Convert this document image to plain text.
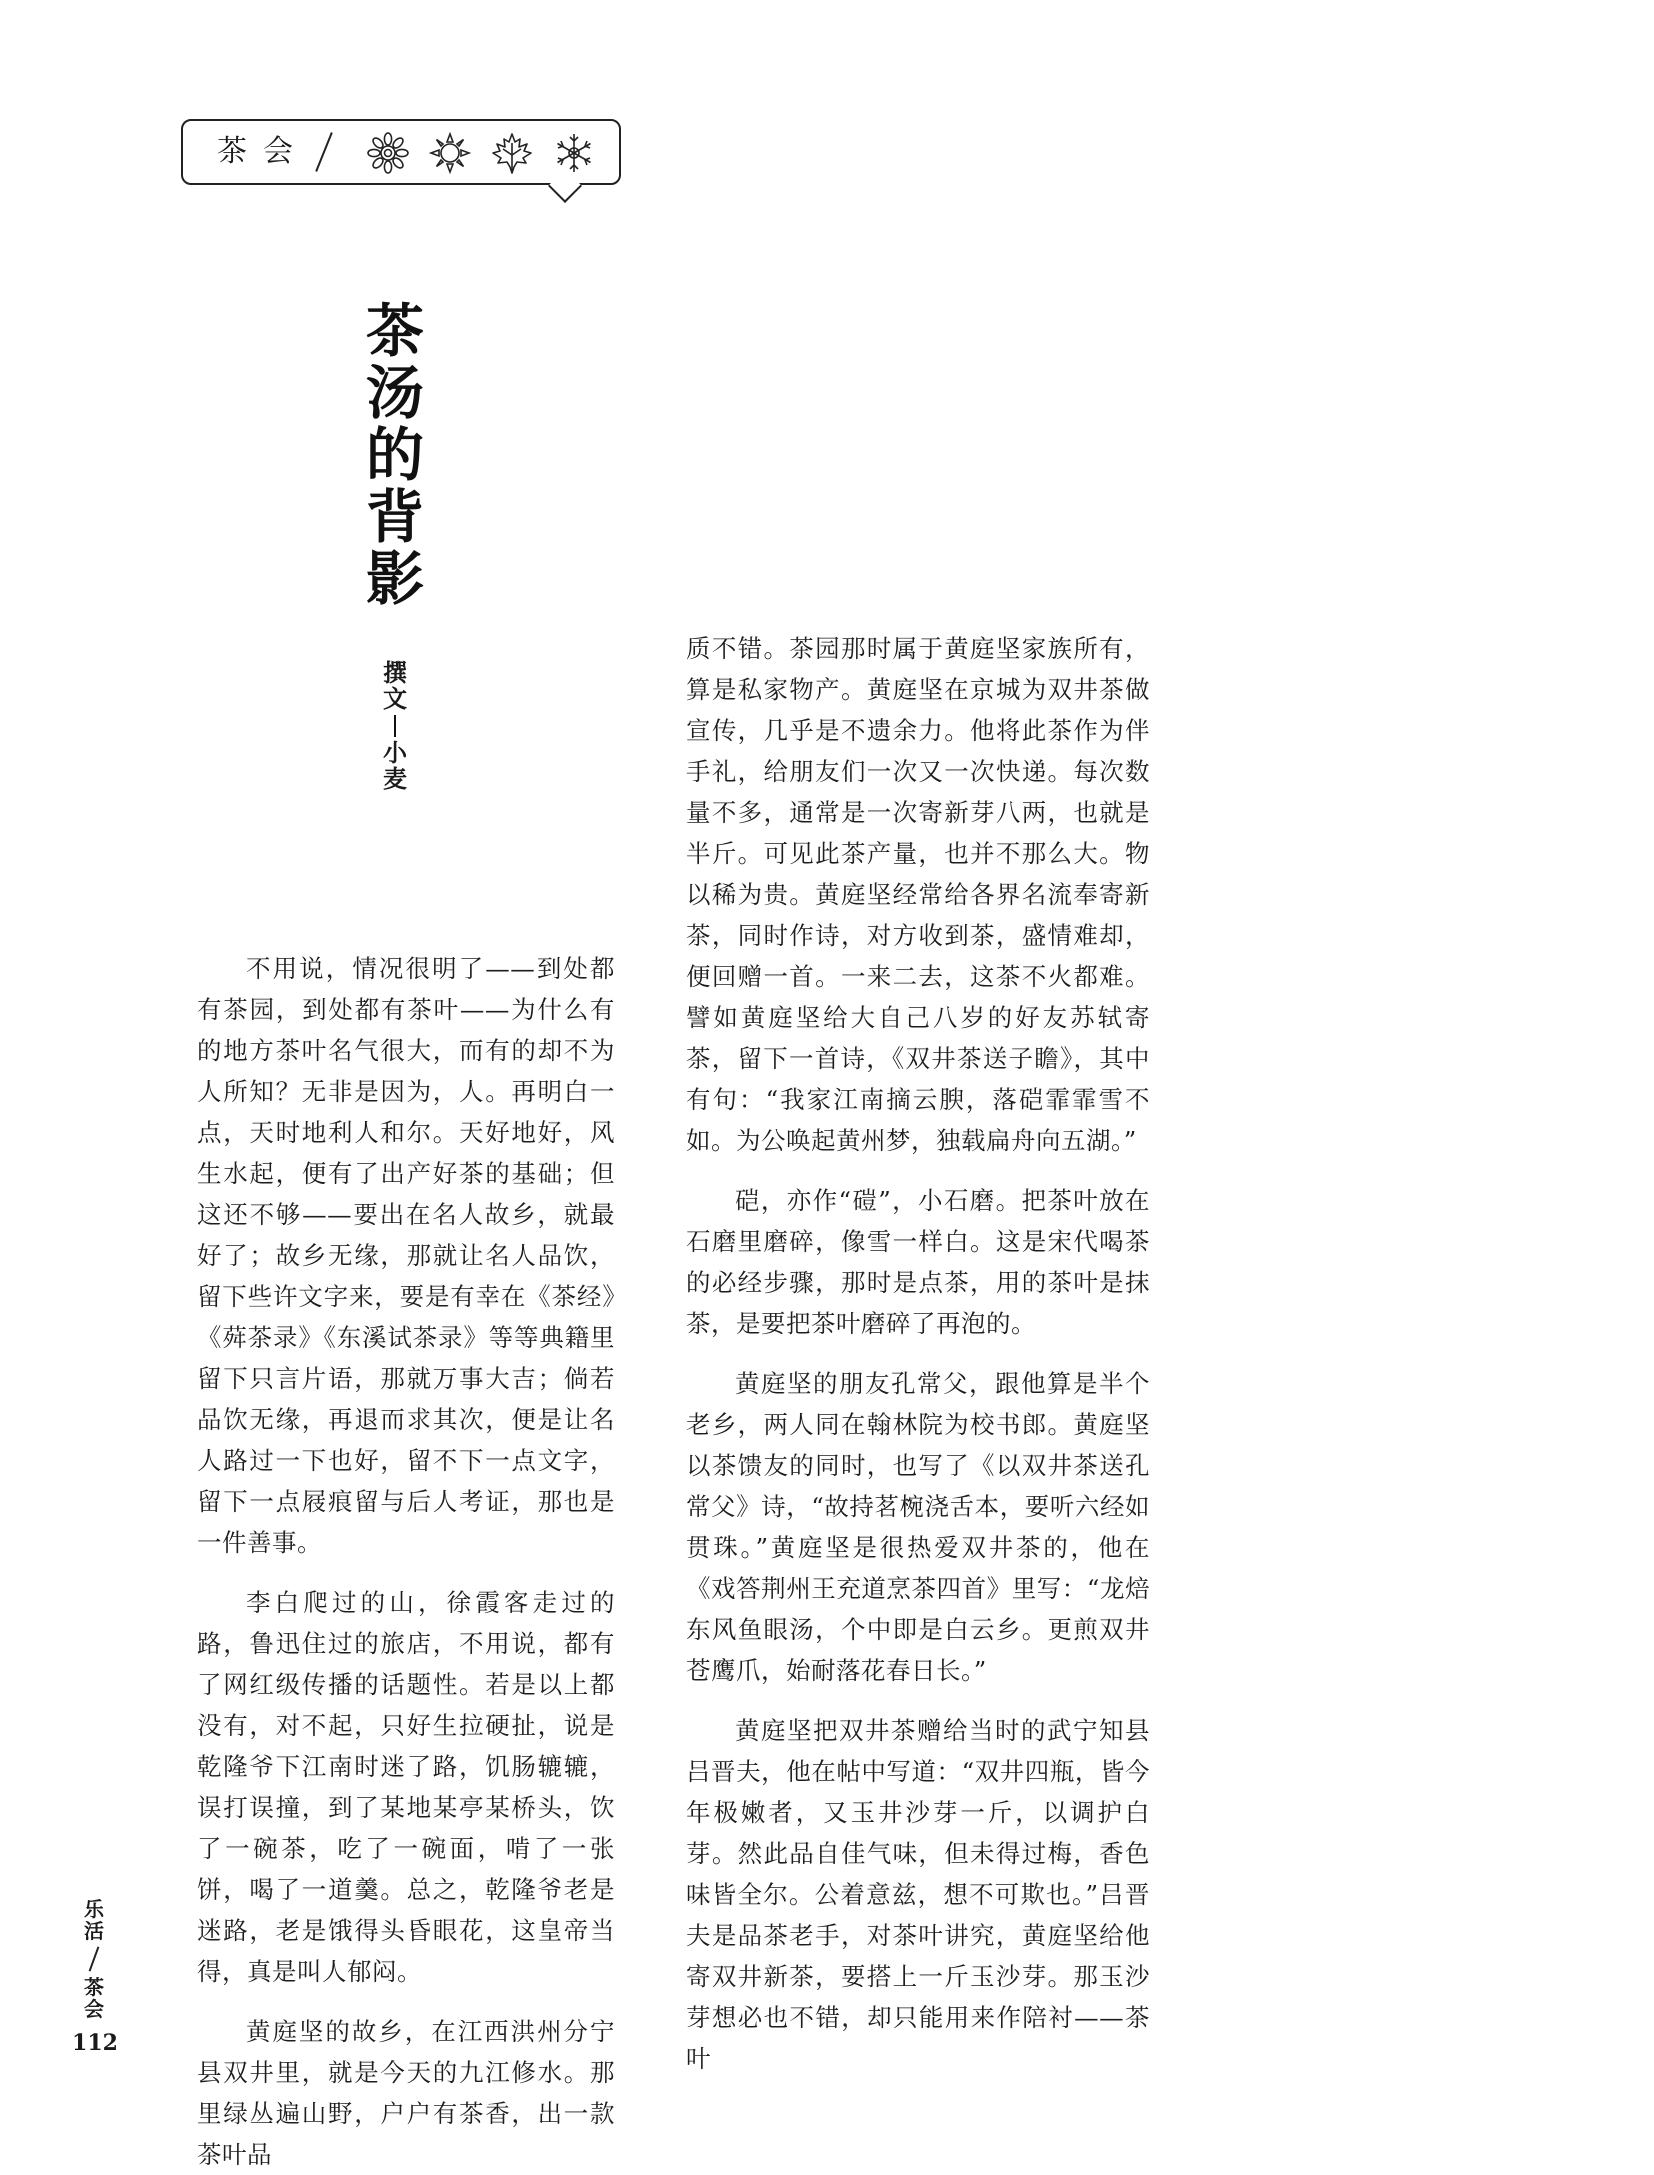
茶会
茶
汤
的
背
影
撰
文
小
麦

不用说，情况很明了——到处都有茶园，到处都有茶叶——为什么有的地方茶叶名气很大，而有的却不为人所知？无非是因为，人。再明白一点，天时地利人和尔。天好地好，风生水起，便有了出产好茶的基础；但这还不够——要出在名人故乡，就最好了；故乡无缘，那就让名人品饮，留下些许文字来，要是有幸在《茶经》《荈茶录》《东溪试茶录》等等典籍里留下只言片语，那就万事大吉；倘若品饮无缘，再退而求其次，便是让名人路过一下也好，留不下一点文字，留下一点屐痕留与后人考证，那也是一件善事。

李白爬过的山，徐霞客走过的路，鲁迅住过的旅店，不用说，都有了网红级传播的话题性。若是以上都没有，对不起，只好生拉硬扯，说是乾隆爷下江南时迷了路，饥肠辘辘，误打误撞，到了某地某亭某桥头，饮了一碗茶，吃了一碗面，啃了一张饼，喝了一道羹。总之，乾隆爷老是迷路，老是饿得头昏眼花，这皇帝当得，真是叫人郁闷。

黄庭坚的故乡，在江西洪州分宁县双井里，就是今天的九江修水。那里绿丛遍山野，户户有茶香，出一款茶叶品

质不错。茶园那时属于黄庭坚家族所有，算是私家物产。黄庭坚在京城为双井茶做宣传，几乎是不遗余力。他将此茶作为伴手礼，给朋友们一次又一次快递。每次数量不多，通常是一次寄新芽八两，也就是半斤。可见此茶产量，也并不那么大。物以稀为贵。黄庭坚经常给各界名流奉寄新茶，同时作诗，对方收到茶，盛情难却，便回赠一首。一来二去，这茶不火都难。譬如黄庭坚给大自己八岁的好友苏轼寄茶，留下一首诗，《双井茶送子瞻》，其中有句：“我家江南摘云腴，落硙霏霏雪不如。为公唤起黄州梦，独载扁舟向五湖。”

硙，亦作“磑”，小石磨。把茶叶放在石磨里磨碎，像雪一样白。这是宋代喝茶的必经步骤，那时是点茶，用的茶叶是抹茶，是要把茶叶磨碎了再泡的。

黄庭坚的朋友孔常父，跟他算是半个老乡，两人同在翰林院为校书郎。黄庭坚以茶馈友的同时，也写了《以双井茶送孔常父》诗，“故持茗椀浇舌本，要听六经如贯珠。”黄庭坚是很热爱双井茶的，他在《戏答荆州王充道烹茶四首》里写：“龙焙东风鱼眼汤，个中即是白云乡。更煎双井苍鹰爪，始耐落花春日长。”

黄庭坚把双井茶赠给当时的武宁知县吕晋夫，他在帖中写道：“双井四瓶，皆今年极嫩者，又玉井沙芽一斤，以调护白芽。然此品自佳气味，但未得过梅，香色味皆全尔。公着意兹，想不可欺也。”吕晋夫是品茶老手，对茶叶讲究，黄庭坚给他寄双井新茶，要搭上一斤玉沙芽。那玉沙芽想必也不错，却只能用来作陪衬——茶叶

乐
活
茶
会
112
